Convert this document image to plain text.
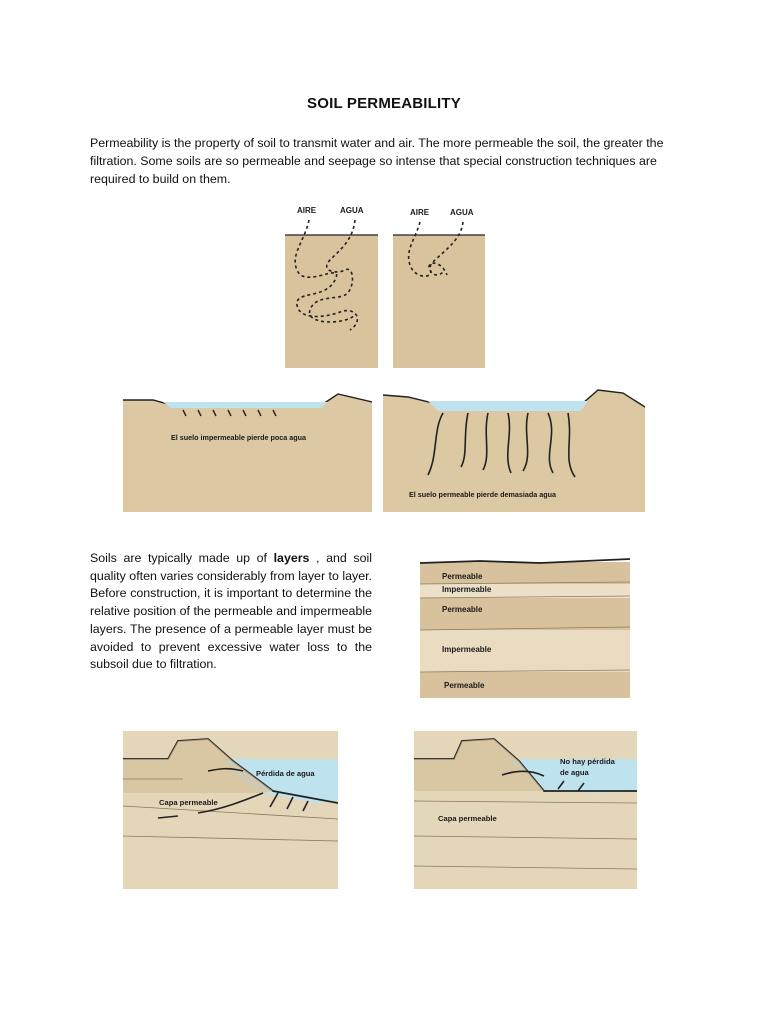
SOIL PERMEABILITY

Permeability is the property of soil to transmit water and air. The more permeable the soil, the greater the filtration. Some soils are so permeable and seepage so intense that special construction techniques are required to build on them.

AIRE	AGUA	AIRE	AGUA
El suelo impermeable pierde poca agua
El suelo permeable pierde demasiada agua

Soils are typically made up of layers , and soil quality often varies considerably from layer to layer. Before construction, it is important to determine the relative position of the permeable and impermeable layers. The presence of a permeable layer must be avoided to prevent excessive water loss to the subsoil due to filtration.

Permeable
Impermeable
Permeable
Impermeable
Permeable
Pérdida de agua
Capa permeable
No hay pérdida
de agua
Capa permeable
